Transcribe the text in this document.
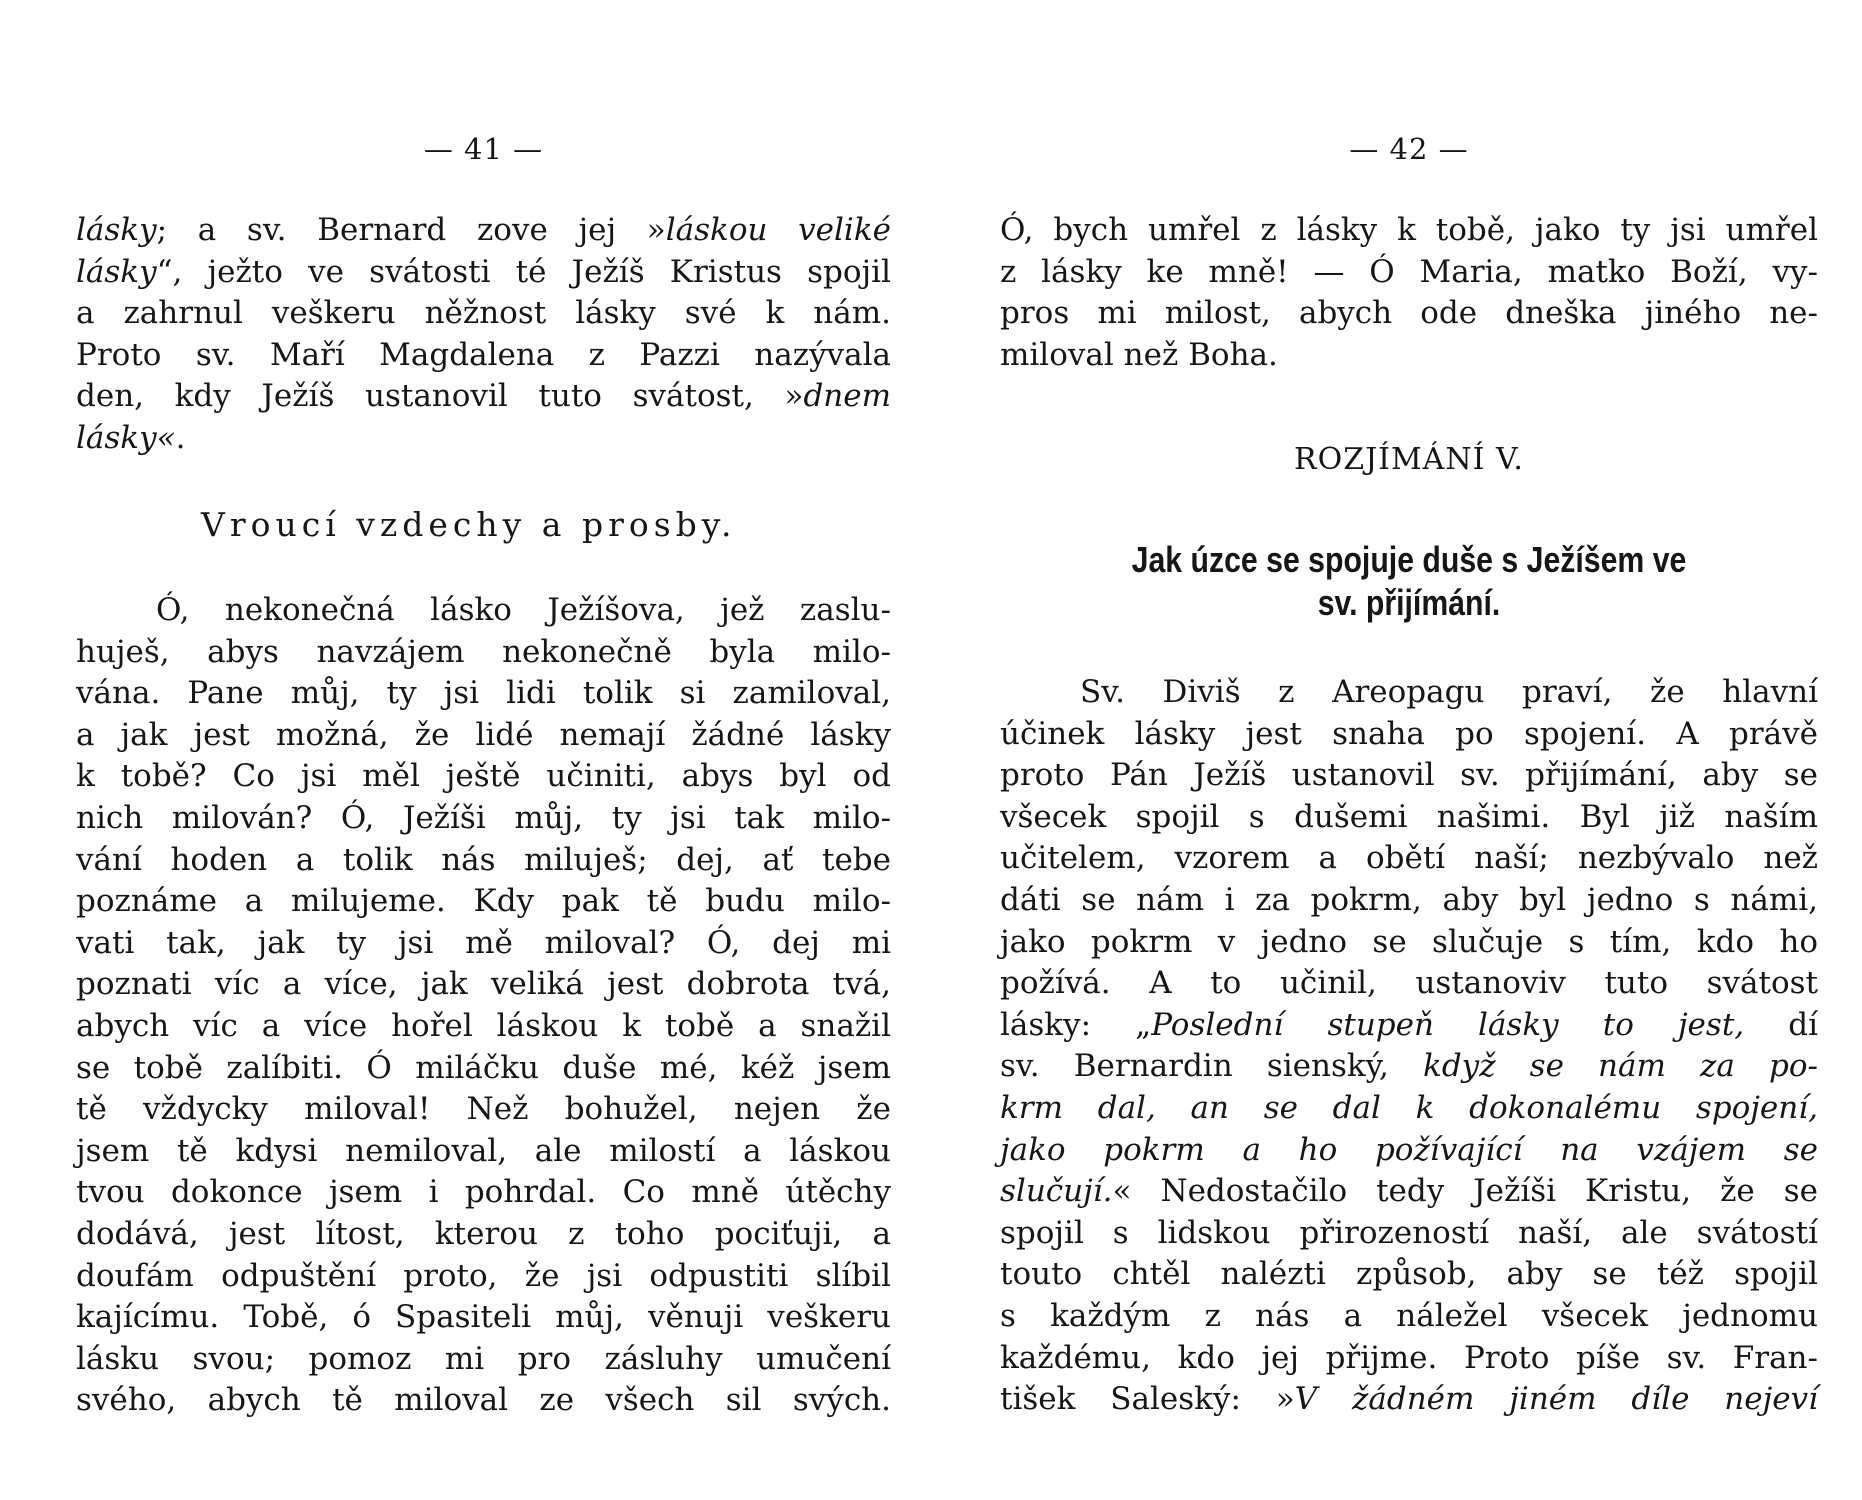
— 41 —
lásky; a sv. Bernard zove jej »láskou veliké
lásky“, ježto ve svátosti té Ježíš Kristus spojil
a zahrnul veškeru něžnost lásky své k nám.
Proto sv. Maří Magdalena z Pazzi nazývala
den, kdy Ježíš ustanovil tuto svátost, »dnem
lásky«.
Vroucí vzdechy a prosby.
Ó, nekonečná lásko Ježíšova, jež zaslu-
huješ, abys navzájem nekonečně byla milo-
vána. Pane můj, ty jsi lidi tolik si zamiloval,
a jak jest možná, že lidé nemají žádné lásky
k tobě? Co jsi měl ještě učiniti, abys byl od
nich milován? Ó, Ježíši můj, ty jsi tak milo-
vání hoden a tolik nás miluješ; dej, ať tebe
poznáme a milujeme. Kdy pak tě budu milo-
vati tak, jak ty jsi mě miloval? Ó, dej mi
poznati víc a více, jak veliká jest dobrota tvá,
abych víc a více hořel láskou k tobě a snažil
se tobě zalíbiti. Ó miláčku duše mé, kéž jsem
tě vždycky miloval! Než bohužel, nejen že
jsem tě kdysi nemiloval, ale milostí a láskou
tvou dokonce jsem i pohrdal. Co mně útěchy
dodává, jest lítost, kterou z toho pociťuji, a
doufám odpuštění proto, že jsi odpustiti slíbil
kajícímu. Tobě, ó Spasiteli můj, věnuji veškeru
lásku svou; pomoz mi pro zásluhy umučení
svého, abych tě miloval ze všech sil svých.
— 42 —
Ó, bych umřel z lásky k tobě, jako ty jsi umřel
z lásky ke mně! — Ó Maria, matko Boží, vy-
pros mi milost, abych ode dneška jiného ne-
miloval než Boha.
ROZJÍMÁNÍ V.
Jak úzce se spojuje duše s Ježíšem ve
sv. přijímání.
Sv. Diviš z Areopagu praví, že hlavní
účinek lásky jest snaha po spojení. A právě
proto Pán Ježíš ustanovil sv. přijímání, aby se
všecek spojil s dušemi našimi. Byl již naším
učitelem, vzorem a obětí naší; nezbývalo než
dáti se nám i za pokrm, aby byl jedno s námi,
jako pokrm v jedno se slučuje s tím, kdo ho
požívá. A to učinil, ustanoviv tuto svátost
lásky: „Poslední stupeň lásky to jest, dí
sv. Bernardin sienský, když se nám za po-
krm dal, an se dal k dokonalému spojení,
jako pokrm a ho požívající na vzájem se
slučují.« Nedostačilo tedy Ježíši Kristu, že se
spojil s lidskou přirozeností naší, ale svátostí
touto chtěl nalézti způsob, aby se též spojil
s každým z nás a náležel všecek jednomu
každému, kdo jej přijme. Proto píše sv. Fran-
tišek Saleský: »V žádném jiném díle nejeví
